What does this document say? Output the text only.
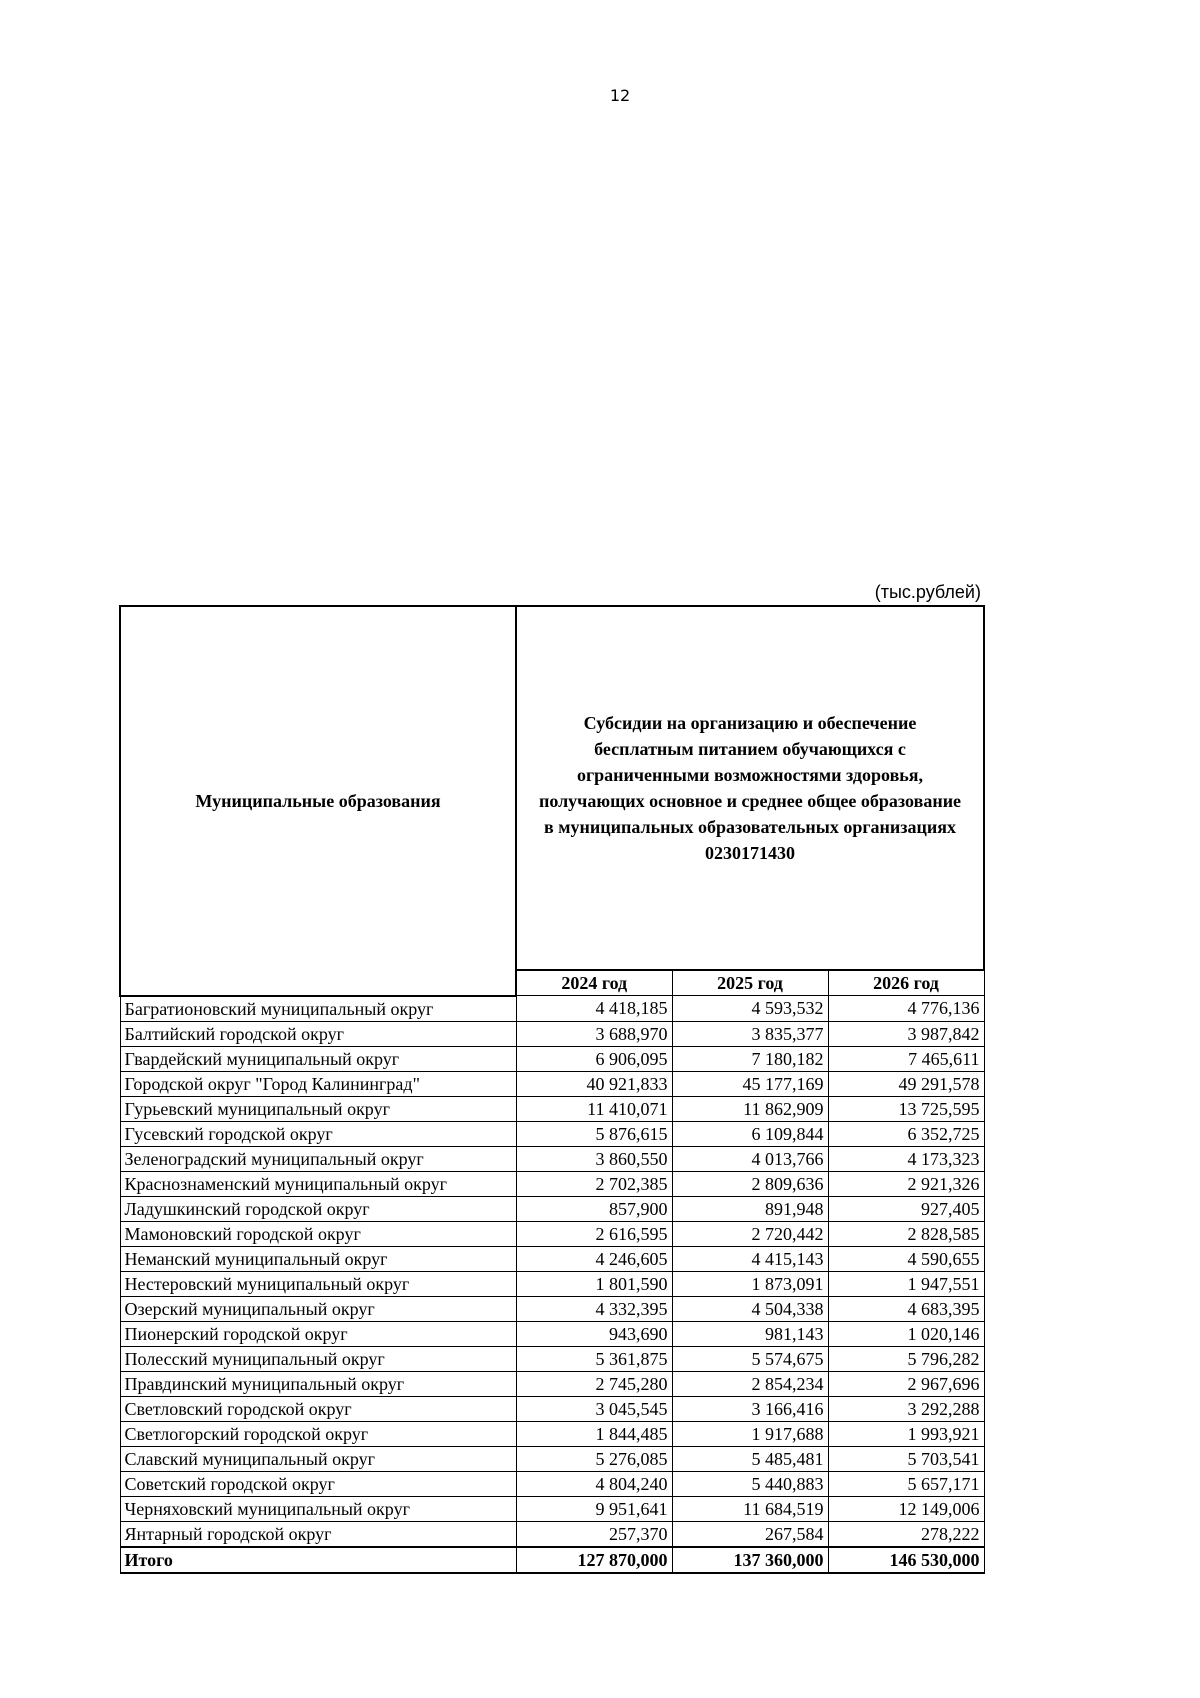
12
(тыс.рублей)
Муниципальные образования	Субсидии на организацию и обеспечение бесплатным питанием обучающихся с ограниченными возможностями здоровья, получающих основное и среднее общее образование в муниципальных образовательных организациях 0230171430		
	2024 год	2025 год	2026 год
Багратионовский муниципальный округ	4 418,185	4 593,532	4 776,136
Балтийский городской округ	3 688,970	3 835,377	3 987,842
Гвардейский муниципальный округ	6 906,095	7 180,182	7 465,611
Городской округ "Город Калининград"	40 921,833	45 177,169	49 291,578
Гурьевский муниципальный округ	11 410,071	11 862,909	13 725,595
Гусевский городской округ	5 876,615	6 109,844	6 352,725
Зеленоградский муниципальный округ	3 860,550	4 013,766	4 173,323
Краснознаменский муниципальный округ	2 702,385	2 809,636	2 921,326
Ладушкинский городской округ	857,900	891,948	927,405
Мамоновский городской округ	2 616,595	2 720,442	2 828,585
Неманский муниципальный округ	4 246,605	4 415,143	4 590,655
Нестеровский муниципальный округ	1 801,590	1 873,091	1 947,551
Озерский муниципальный округ	4 332,395	4 504,338	4 683,395
Пионерский городской округ	943,690	981,143	1 020,146
Полесский муниципальный округ	5 361,875	5 574,675	5 796,282
Правдинский муниципальный округ	2 745,280	2 854,234	2 967,696
Светловский городской округ	3 045,545	3 166,416	3 292,288
Светлогорский городской округ	1 844,485	1 917,688	1 993,921
Славский муниципальный округ	5 276,085	5 485,481	5 703,541
Советский городской округ	4 804,240	5 440,883	5 657,171
Черняховский муниципальный округ	9 951,641	11 684,519	12 149,006
Янтарный городской округ	257,370	267,584	278,222
Итого	127 870,000	137 360,000	146 530,000
